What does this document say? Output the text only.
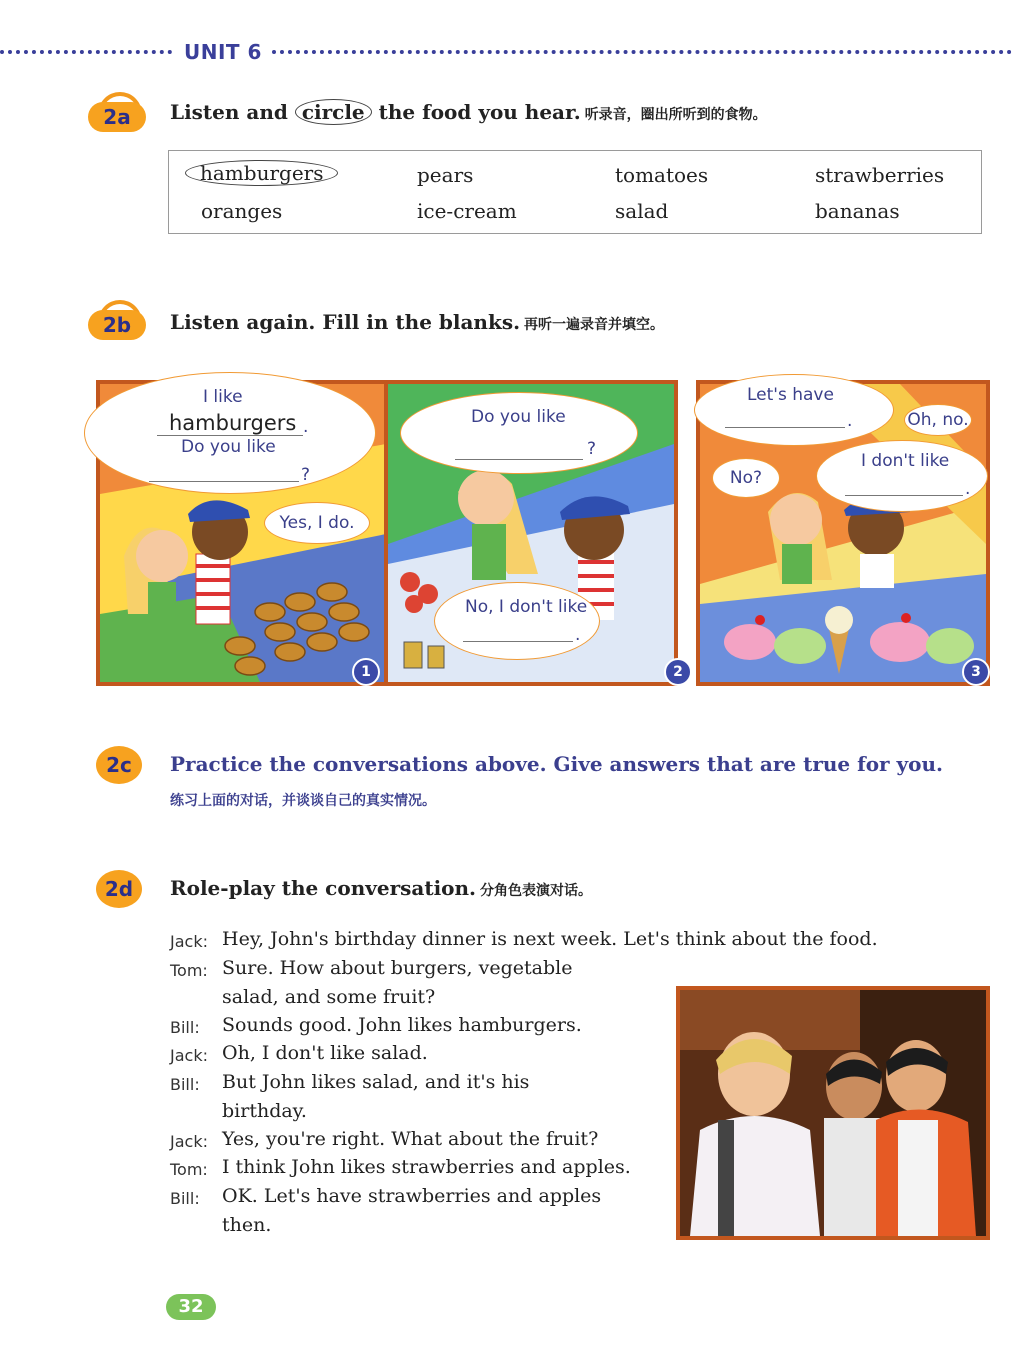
UNIT 6
2a	Listen and circle the food you hear. 听录音，圈出所听到的食物。
hamburgers	pears	tomatoes	strawberries
oranges	ice-cream	salad	bananas
2b	Listen again. Fill in the blanks. 再听一遍录音并填空。
I like
hamburgers .
Do you like
?
Yes, I do.
1
Do you like
?
No, I don't like
.
2
Let's have
.	Oh, no.
No?
I don't like
.
3
2c	Practice the conversations above. Give answers that are true for you.
练习上面的对话，并谈谈自己的真实情况。
2d	Role-play the conversation. 分角色表演对话。
Jack: Hey, John's birthday dinner is next week. Let's think about the food.
Tom: Sure. How about burgers, vegetable
salad, and some fruit?
Bill: Sounds good. John likes hamburgers.
Jack: Oh, I don't like salad.
Bill: But John likes salad, and it's his
birthday.
Jack: Yes, you're right. What about the fruit?
Tom: I think John likes strawberries and apples.
Bill: OK. Let's have strawberries and apples
then.
32
